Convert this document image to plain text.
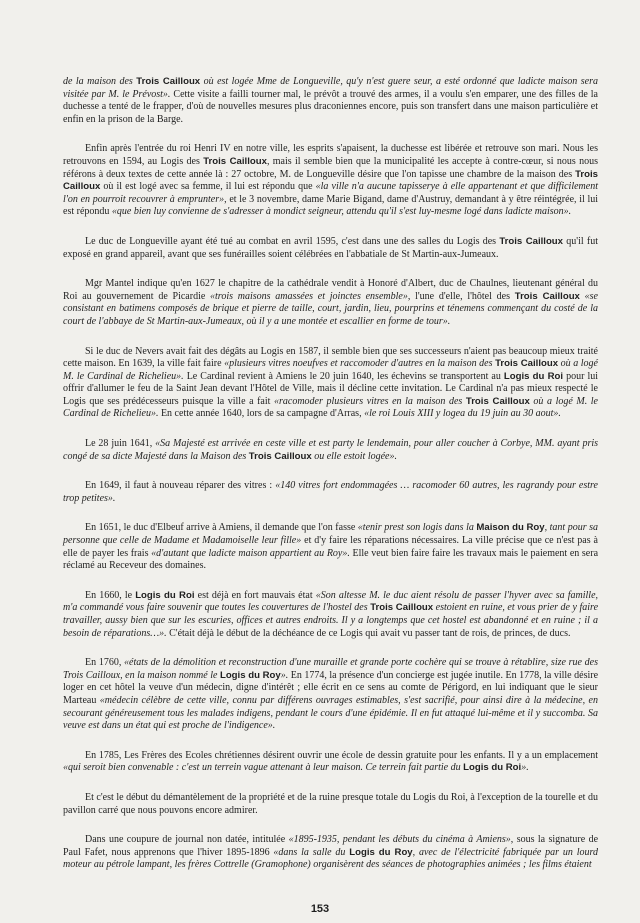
de la maison des Trois Cailloux où est logée Mme de Longueville, qu'y n'est guere seur, a esté ordonné que ladicte maison sera visitée par M. le Prévost». Cette visite a failli tourner mal, le prévôt a trouvé des armes, il a voulu s'en emparer, une des filles de la duchesse a tenté de le frapper, d'où de nouvelles mesures plus draconiennes encore, puis son transfert dans une maison particulière et enfin en la prison de la Barge.

Enfin après l'entrée du roi Henri IV en notre ville, les esprits s'apaisent, la duchesse est libérée et retrouve son mari. Nous les retrouvons en 1594, au Logis des Trois Cailloux, mais il semble bien que la municipalité les accepte à contre-cœur, si nous nous référons à deux textes de cette année là : 27 octobre, M. de Longueville désire que l'on tapisse une chambre de la maison des Trois Cailloux où il est logé avec sa femme, il lui est répondu que «la ville n'a aucune tapisserye à elle appartenant et que difficilement l'on en pourroit recouvrer à emprunter», et le 3 novembre, dame Marie Bigand, dame d'Austruy, demandant à y être réintégrée, il lui est répondu «que bien luy convienne de s'adresser à mondict seigneur, attendu qu'il s'est luy-mesme logé dans ladicte maison».

Le duc de Longueville ayant été tué au combat en avril 1595, c'est dans une des salles du Logis des Trois Cailloux qu'il fut exposé en grand appareil, avant que ses funérailles soient célébrées en l'abbatiale de St Martin-aux-Jumeaux.

Mgr Mantel indique qu'en 1627 le chapitre de la cathédrale vendit à Honoré d'Albert, duc de Chaulnes, lieutenant général du Roi au gouvernement de Picardie «trois maisons amassées et joinctes ensemble», l'une d'elle, l'hôtel des Trois Cailloux «se consistant en batimens composés de brique et pierre de taille, court, jardin, lieu, pourprins et ténemens commençant du costé de la court de l'abbaye de St Martin-aux-Jumeaux, où il y a une montée et escallier en forme de tour».

Si le duc de Nevers avait fait des dégâts au Logis en 1587, il semble bien que ses successeurs n'aient pas beaucoup mieux traité cette maison. En 1639, la ville fait faire «plusieurs vitres noeufves et raccomoder d'autres en la maison des Trois Cailloux où a logé M. le Cardinal de Richelieu». Le Cardinal revient à Amiens le 20 juin 1640, les échevins se transportent au Logis du Roi pour lui offrir d'allumer le feu de la Saint Jean devant l'Hôtel de Ville, mais il décline cette invitation. Le Cardinal n'a pas mieux respecté le Logis que ses prédécesseurs puisque la ville a fait «racomoder plusieurs vitres en la maison des Trois Cailloux où a logé M. le Cardinal de Richelieu». En cette année 1640, lors de sa campagne d'Arras, «le roi Louis XIII y logea du 19 juin au 30 aout».

Le 28 juin 1641, «Sa Majesté est arrivée en ceste ville et est party le lendemain, pour aller coucher à Corbye, MM. ayant pris congé de sa dicte Majesté dans la Maison des Trois Cailloux ou elle estoit logée».

En 1649, il faut à nouveau réparer des vitres : «140 vitres fort endommagées … racomoder 60 autres, les ragrandy pour estre trop petites».

En 1651, le duc d'Elbeuf arrive à Amiens, il demande que l'on fasse «tenir prest son logis dans la Maison du Roy, tant pour sa personne que celle de Madame et Madamoiselle leur fille» et d'y faire les réparations nécessaires. La ville précise que ce n'est pas à elle de payer les frais «d'autant que ladicte maison appartient au Roy». Elle veut bien faire faire les travaux mais le paiement en sera réclamé au Receveur des domaines.

En 1660, le Logis du Roi est déjà en fort mauvais état «Son altesse M. le duc aient résolu de passer l'hyver avec sa famille, m'a commandé vous faire souvenir que toutes les couvertures de l'hostel des Trois Cailloux estoient en ruine, et vous prier de y faire travailler, aussy bien que sur les escuries, offices et autres endroits. Il y a longtemps que cet hostel est abandonné et en ruine ; il a besoin de réparations…». C'était déjà le début de la déchéance de ce Logis qui avait vu passer tant de rois, de princes, de ducs.

En 1760, «états de la démolition et reconstruction d'une muraille et grande porte cochère qui se trouve à rétablire, size rue des Trois Cailloux, en la maison nommé le Logis du Roy». En 1774, la présence d'un concierge est jugée inutile. En 1778, la ville désire loger en cet hôtel la veuve d'un médecin, digne d'intérêt ; elle écrit en ce sens au comte de Périgord, en lui indiquant que le sieur Marteau «médecin célèbre de cette ville, connu par différens ouvrages estimables, s'est sacrifié, pour ainsi dire à la médecine, en secourant généreusement tous les malades indigens, pendant le cours d'une épidémie. Il en fut attaqué lui-même et il y succomba. Sa veuve est dans un état qui est proche de l'indigence».

En 1785, Les Frères des Ecoles chrétiennes désirent ouvrir une école de dessin gratuite pour les enfants. Il y a un emplacement «qui seroit bien convenable : c'est un terrein vague attenant à leur maison. Ce terrein fait partie du Logis du Roi».

Et c'est le début du démantèlement de la propriété et de la ruine presque totale du Logis du Roi, à l'exception de la tourelle et du pavillon carré que nous pouvons encore admirer.

Dans une coupure de journal non datée, intitulée «1895-1935, pendant les débuts du cinéma à Amiens», sous la signature de Paul Fafet, nous apprenons que l'hiver 1895-1896 «dans la salle du Logis du Roy, avec de l'électricité fabriquée par un lourd moteur au pétrole lampant, les frères Cottrelle (Gramophone) organisèrent des séances de photographies animées ; les films étaient

153
